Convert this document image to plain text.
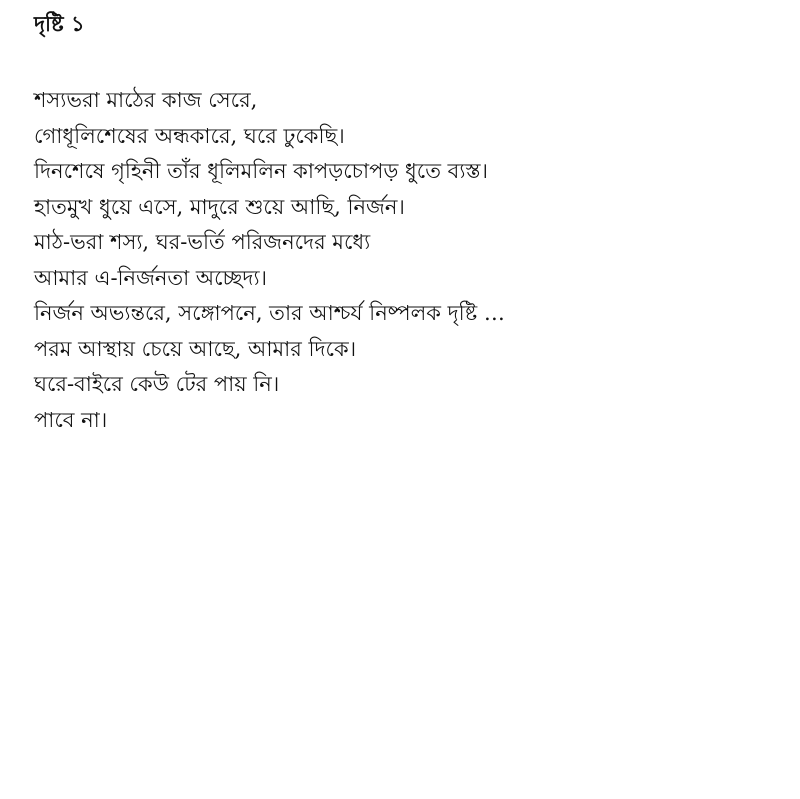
দৃষ্টি ১
শস্যভরা মাঠের কাজ সেরে,
গোধূলিশেষের অন্ধকারে, ঘরে ঢুকেছি।
দিনশেষে গৃহিনী তাঁর ধূলিমলিন কাপড়চোপড় ধুতে ব্যস্ত।
হাতমুখ ধুয়ে এসে, মাদুরে শুয়ে আছি, নির্জন।
মাঠ-ভরা শস্য, ঘর-ভর্তি পরিজনদের মধ্যে
আমার এ-নির্জনতা অচ্ছেদ্য।
নির্জন অভ্যন্তরে, সঙ্গোপনে, তার আশ্চর্য নিষ্পলক দৃষ্টি …
পরম আস্থায় চেয়ে আছে, আমার দিকে।
ঘরে-বাইরে কেউ টের পায় নি।
পাবে না।
